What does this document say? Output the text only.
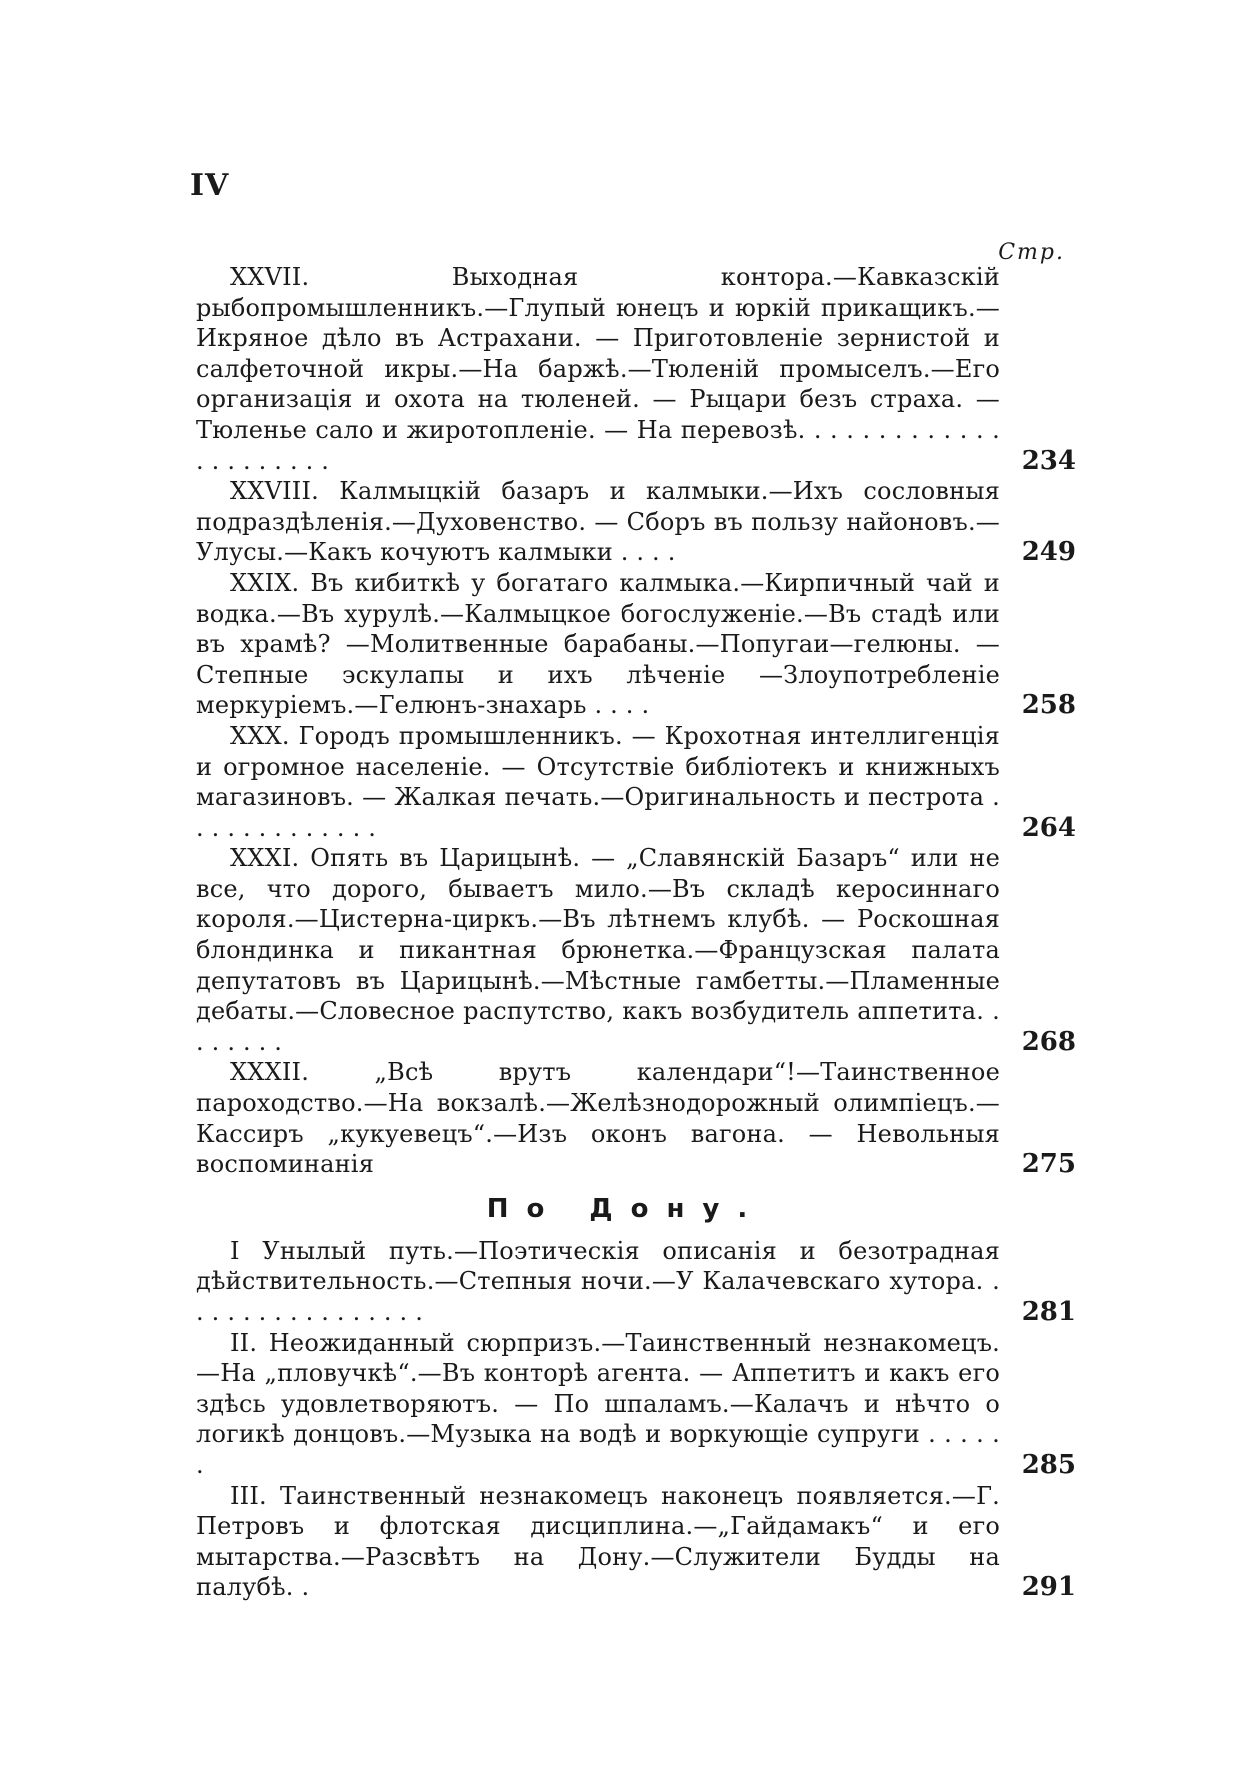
IV
Стр.
XXVII. Выходная контора.—Кавказскій рыбопромышленникъ.—Глупый юнецъ и юркій прикащикъ.—Икряное дѣло въ Астрахани. — Приготовленіе зернистой и салфеточной икры.—На баржѣ.—Тюленій промыселъ.—Его организація и охота на тюленей. — Рыцари безъ страха. — Тюленье сало и жиротопленіе. — На перевозѣ. . . . . . . . . . . . . . . . . . . . . .	234
XXVIII. Калмыцкій базаръ и калмыки.—Ихъ сословныя подраздѣленія.—Духовенство. — Сборъ въ пользу найоновъ.—Улусы.—Какъ кочуютъ калмыки . . . .	249
XXIX. Въ кибиткѣ у богатаго калмыка.—Кирпичный чай и водка.—Въ хурулѣ.—Калмыцкое богослуженіе.—Въ стадѣ или въ храмѣ? —Молитвенные барабаны.—Попугаи—гелюны. — Степные эскулапы и ихъ лѣченіе —Злоупотребленіе меркуріемъ.—Гелюнъ-знахарь . . . .	258
XXX. Городъ промышленникъ. — Крохотная интеллигенція и огромное населеніе. — Отсутствіе библіотекъ и книжныхъ магазиновъ. — Жалкая печать.—Оригинальность и пестрота . . . . . . . . . . . . .	264
XXXI. Опять въ Царицынѣ. — „Славянскій Базаръ“ или не все, что дорого, бываетъ мило.—Въ складѣ керосиннаго короля.—Цистерна-циркъ.—Въ лѣтнемъ клубѣ. — Роскошная блондинка и пикантная брюнетка.—Французская палата депутатовъ въ Царицынѣ.—Мѣстные гамбетты.—Пламенные дебаты.—Словесное распутство, какъ возбудитель аппетита. . . . . . . .	268
XXXII. „Всѣ врутъ календари“!—Таинственное пароходство.—На вокзалѣ.—Желѣзнодорожный олимпіецъ.—Кассиръ „кукуевецъ“.—Изъ оконъ вагона. — Невольныя воспоминанія	275
По Дону.
I Унылый путь.—Поэтическія описанія и безотрадная дѣйствительность.—Степныя ночи.—У Калачевскаго хутора. . . . . . . . . . . . . . . . .	281
II. Неожиданный сюрпризъ.—Таинственный незнакомецъ.—На „пловучкѣ“.—Въ конторѣ агента. — Аппетитъ и какъ его здѣсь удовлетворяютъ. — По шпаламъ.—Калачъ и нѣчто о логикѣ донцовъ.—Музыка на водѣ и воркующіе супруги . . . . . .	285
III. Таинственный незнакомецъ наконецъ появляется.—Г. Петровъ и флотская дисциплина.—„Гайдамакъ“ и его мытарства.—Разсвѣтъ на Дону.—Служители Будды на палубѣ. .	291
